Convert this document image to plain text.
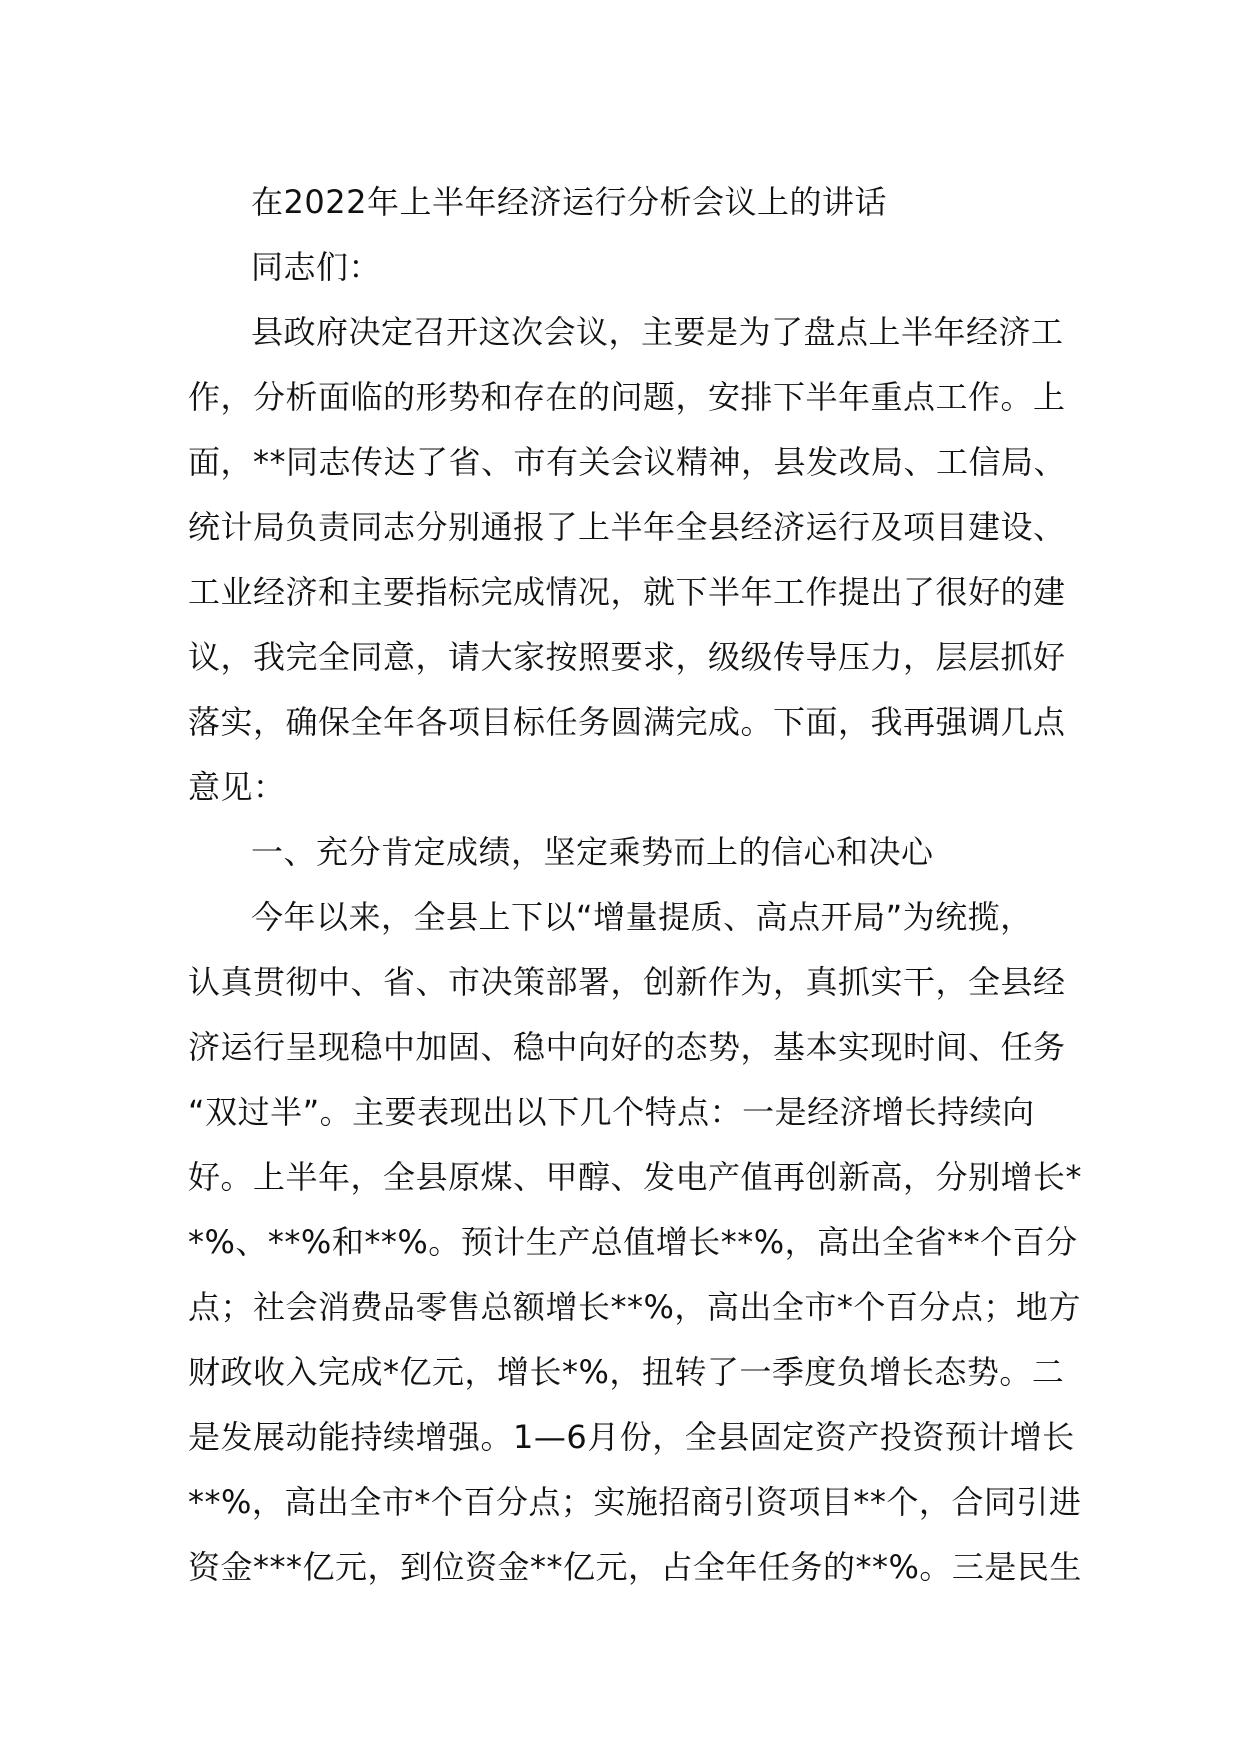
在2022年上半年经济运行分析会议上的讲话
同志们：
县政府决定召开这次会议，主要是为了盘点上半年经济工
作，分析面临的形势和存在的问题，安排下半年重点工作。上
面，**同志传达了省、市有关会议精神，县发改局、工信局、
统计局负责同志分别通报了上半年全县经济运行及项目建设、
工业经济和主要指标完成情况，就下半年工作提出了很好的建
议，我完全同意，请大家按照要求，级级传导压力，层层抓好
落实，确保全年各项目标任务圆满完成。下面，我再强调几点
意见：
一、充分肯定成绩，坚定乘势而上的信心和决心
今年以来，全县上下以“增量提质、高点开局”为统揽，
认真贯彻中、省、市决策部署，创新作为，真抓实干，全县经
济运行呈现稳中加固、稳中向好的态势，基本实现时间、任务
“双过半”。主要表现出以下几个特点：一是经济增长持续向
好。上半年，全县原煤、甲醇、发电产值再创新高，分别增长*
*%、**%和**%。预计生产总值增长**%，高出全省**个百分
点；社会消费品零售总额增长**%，高出全市*个百分点；地方
财政收入完成*亿元，增长*%，扭转了一季度负增长态势。二
是发展动能持续增强。1—6月份，全县固定资产投资预计增长
**%，高出全市*个百分点；实施招商引资项目**个，合同引进
资金***亿元，到位资金**亿元，占全年任务的**%。三是民生
